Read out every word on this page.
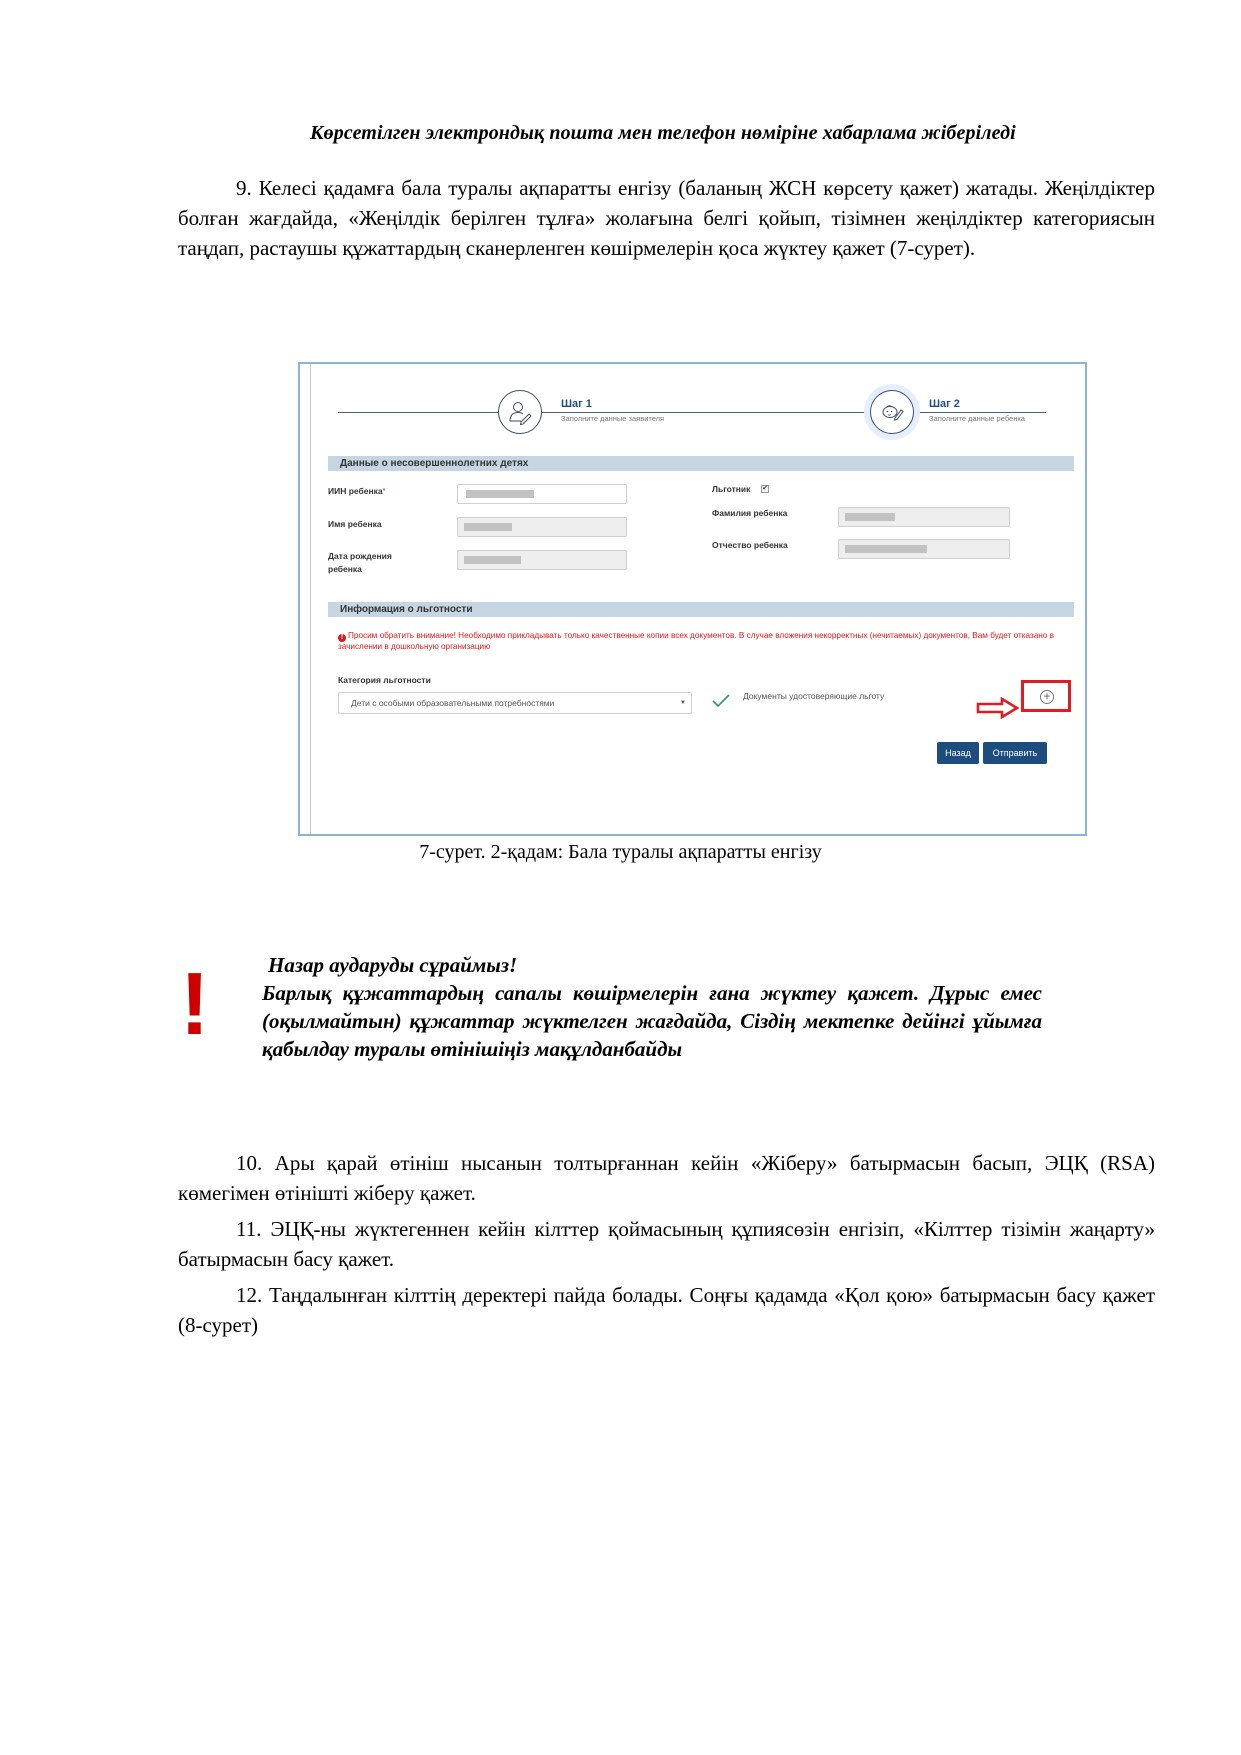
Көрсетілген электрондық пошта мен телефон нөміріне хабарлама жіберіледі
9. Келесі қадамға бала туралы ақпаратты енгізу (баланың ЖСН көрсету қажет) жатады. Жеңілдіктер болған жағдайда, «Жеңілдік берілген тұлға» жолағына белгі қойып, тізімнен жеңілдіктер категориясын таңдап, растаушы құжаттардың сканерленген көшірмелерін қоса жүктеу қажет (7-сурет).
Шаг 1
Заполните данные заявителя
Шаг 2
Заполните данные ребенка
Данные о несовершеннолетних детях
ИИН ребенка*
Имя ребенка
Дата рождения ребенка
Льготник ✔
Фамилия ребенка
Отчество ребенка
Информация о льготности
! Просим обратить внимание! Необходимо прикладывать только качественные копии всех документов. В случае вложения некорректных (нечитаемых) документов, Вам будет отказано в зачислении в дошкольную организацию
Категория льготности
Дети с особыми образовательными потребностями	▼
Документы удостоверяющие льготу	+
Назад	Отправить
7-сурет. 2-қадам: Бала туралы ақпаратты енгізу
!	Назар аударуды сұраймыз!
Барлық құжаттардың сапалы көшірмелерін ғана жүктеу қажет. Дұрыс емес (оқылмайтын) құжаттар жүктелген жағдайда, Сіздің мектепке дейінгі ұйымға қабылдау туралы өтінішіңіз мақұлданбайды
10. Ары қарай өтініш нысанын толтырғаннан кейін «Жіберу» батырмасын басып, ЭЦҚ (RSA) көмегімен өтінішті жіберу қажет.
11. ЭЦҚ-ны жүктегеннен кейін кілттер қоймасының құпиясөзін енгізіп, «Кілттер тізімін жаңарту» батырмасын басу қажет.
12. Таңдалынған кілттің деректері пайда болады. Соңғы қадамда «Қол қою» батырмасын басу қажет (8-сурет)
